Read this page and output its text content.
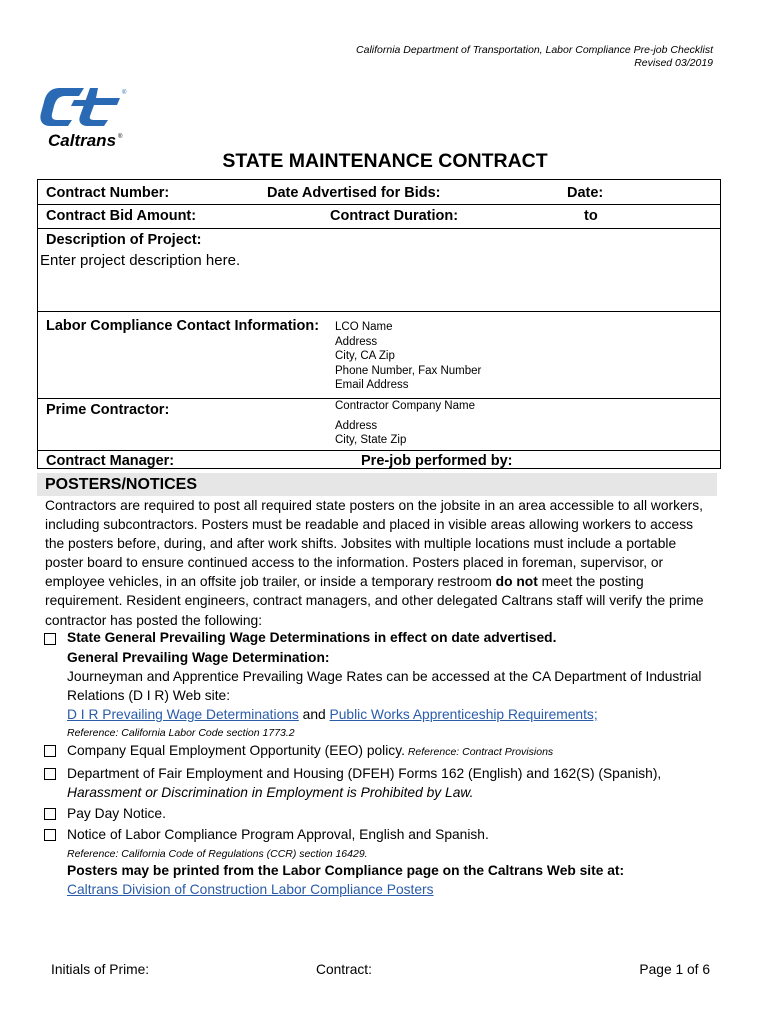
California Department of Transportation, Labor Compliance Pre-job Checklist
Revised 03/2019
Caltrans ®
®
STATE MAINTENANCE CONTRACT
Contract Number:	Date Advertised for Bids:	Date:
Contract Bid Amount:	Contract Duration:	to
Description of Project:
Enter project description here.
Labor Compliance Contact Information: LCO Name
Address
City, CA Zip
Phone Number, Fax Number
Email Address
Prime Contractor:	Contractor Company Name
Address
City, State Zip
Contract Manager:	Pre-job performed by:
POSTERS/NOTICES
Contractors are required to post all required state posters on the jobsite in an area accessible to all workers,
including subcontractors. Posters must be readable and placed in visible areas allowing workers to access
the posters before, during, and after work shifts. Jobsites with multiple locations must include a portable
poster board to ensure continued access to the information. Posters placed in foreman, supervisor, or
employee vehicles, in an offsite job trailer, or inside a temporary restroom do not meet the posting
requirement. Resident engineers, contract managers, and other delegated Caltrans staff will verify the prime
contractor has posted the following:
State General Prevailing Wage Determinations in effect on date advertised.
General Prevailing Wage Determination:
Journeyman and Apprentice Prevailing Wage Rates can be accessed at the CA Department of Industrial
Relations (D I R) Web site:
D I R Prevailing Wage Determinations and Public Works Apprenticeship Requirements;
Reference: California Labor Code section 1773.2
Company Equal Employment Opportunity (EEO) policy. Reference: Contract Provisions
Department of Fair Employment and Housing (DFEH) Forms 162 (English) and 162(S) (Spanish),
Harassment or Discrimination in Employment is Prohibited by Law.
Pay Day Notice.
Notice of Labor Compliance Program Approval, English and Spanish.
Reference: California Code of Regulations (CCR) section 16429.
Posters may be printed from the Labor Compliance page on the Caltrans Web site at:
Caltrans Division of Construction Labor Compliance Posters
Initials of Prime:	Contract:	Page 1 of 6
